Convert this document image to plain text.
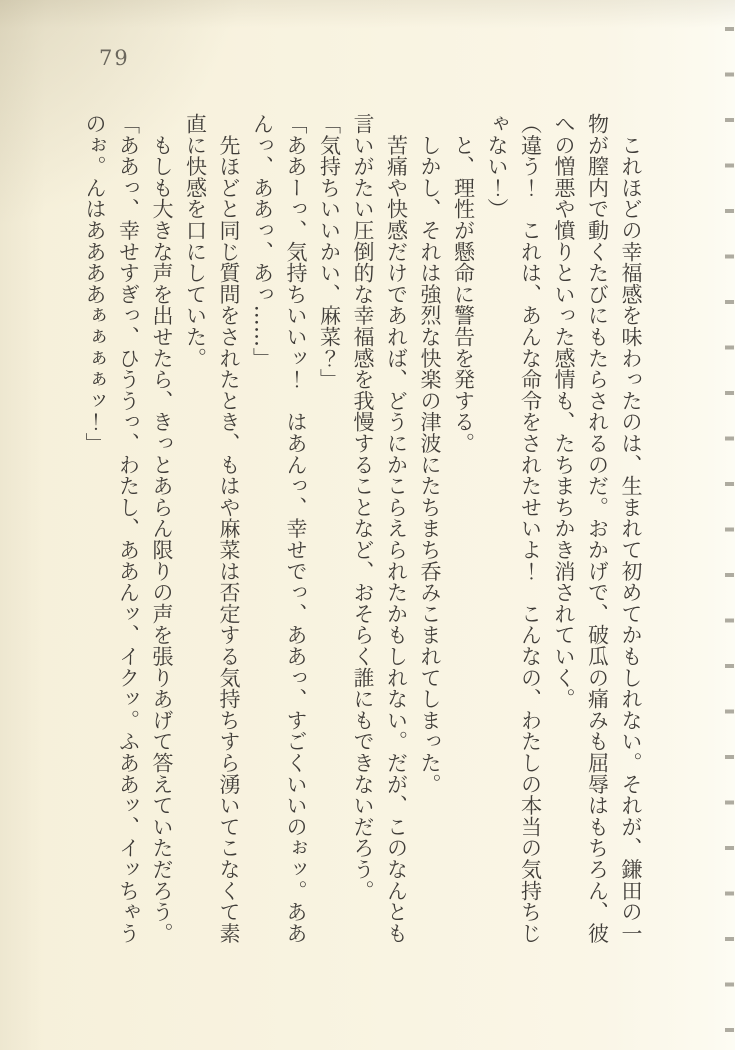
79

　これほどの幸福感を味わったのは、生まれて初めてかもしれない。それが、鎌田の一物が膣内で動くたびにもたらされるのだ。おかげで、破瓜の痛みも屈辱はもちろん、彼への憎悪や憤りといった感情も、たちまちかき消されていく。

（違う！　これは、あんな命令をされたせいよ！　こんなの、わたしの本当の気持ちじゃない！）

　と、理性が懸命に警告を発する。

　しかし、それは強烈な快楽の津波にたちまち呑みこまれてしまった。

　苦痛や快感だけであれば、どうにかこらえられたかもしれない。だが、このなんとも言いがたい圧倒的な幸福感を我慢することなど、おそらく誰にもできないだろう。

「気持ちいいかい、麻菜？」

「ああーっ、気持ちいいッ！　はあんっ、幸せでっ、ああっ、すごくいいのぉッ。ああんっ、ああっ、あっ……」

　先ほどと同じ質問をされたとき、もはや麻菜は否定する気持ちすら湧いてこなくて素直に快感を口にしていた。

　もしも大きな声を出せたら、きっとあらん限りの声を張りあげて答えていただろう。

「ああっ、幸せすぎっ、ひううっ、わたし、ああんッ、イクッ。ふああッ、イッちゃうのぉ。んはああああぁぁぁぁッ！」
